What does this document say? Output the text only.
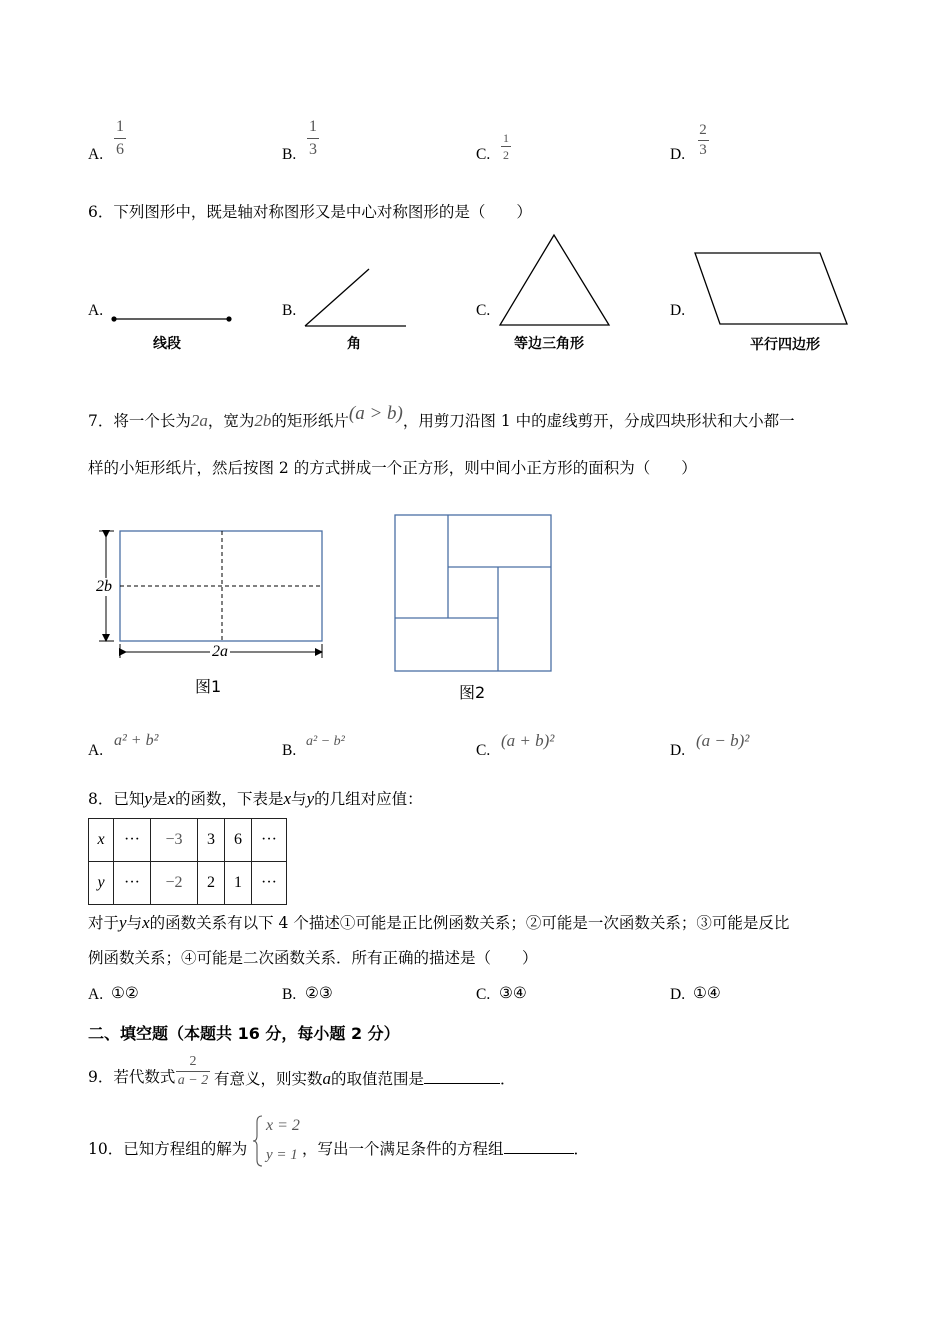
A.
1
6	B.
1
3	C.
1
2	D.
2
3
6．下列图形中，既是轴对称图形又是中心对称图形的是（　　）
A.
线段
B.
角
C.
等边三角形
D.
平行四边形
7．将一个长为2a，宽为2b的矩形纸片(a > b)，用剪刀沿图 1 中的虚线剪开，分成四块形状和大小都一
样的小矩形纸片，然后按图 2 的方式拼成一个正方形，则中间小正方形的面积为（　　）
2b
2a
图1	图2
A.
a² + b²
B.
a² − b²
C.
(a + b)²
D.
(a − b)²
8．已知y是x的函数，下表是x与y的几组对应值：
x	···	−3	3	6	···
y	···	−2	2	1	···
对于y与x的函数关系有以下 4 个描述①可能是正比例函数关系；②可能是一次函数关系；③可能是反比
例函数关系；④可能是二次函数关系．所有正确的描述是（　　）
A. ①②	B. ②③	C. ③④	D. ①④
二、填空题（本题共 16 分，每小题 2 分）
9．若代数式
2
a − 2 有意义，则实数a的取值范围是	．
10．已知方程组的解为
x = 2
y = 1 ，写出一个满足条件的方程组	．
